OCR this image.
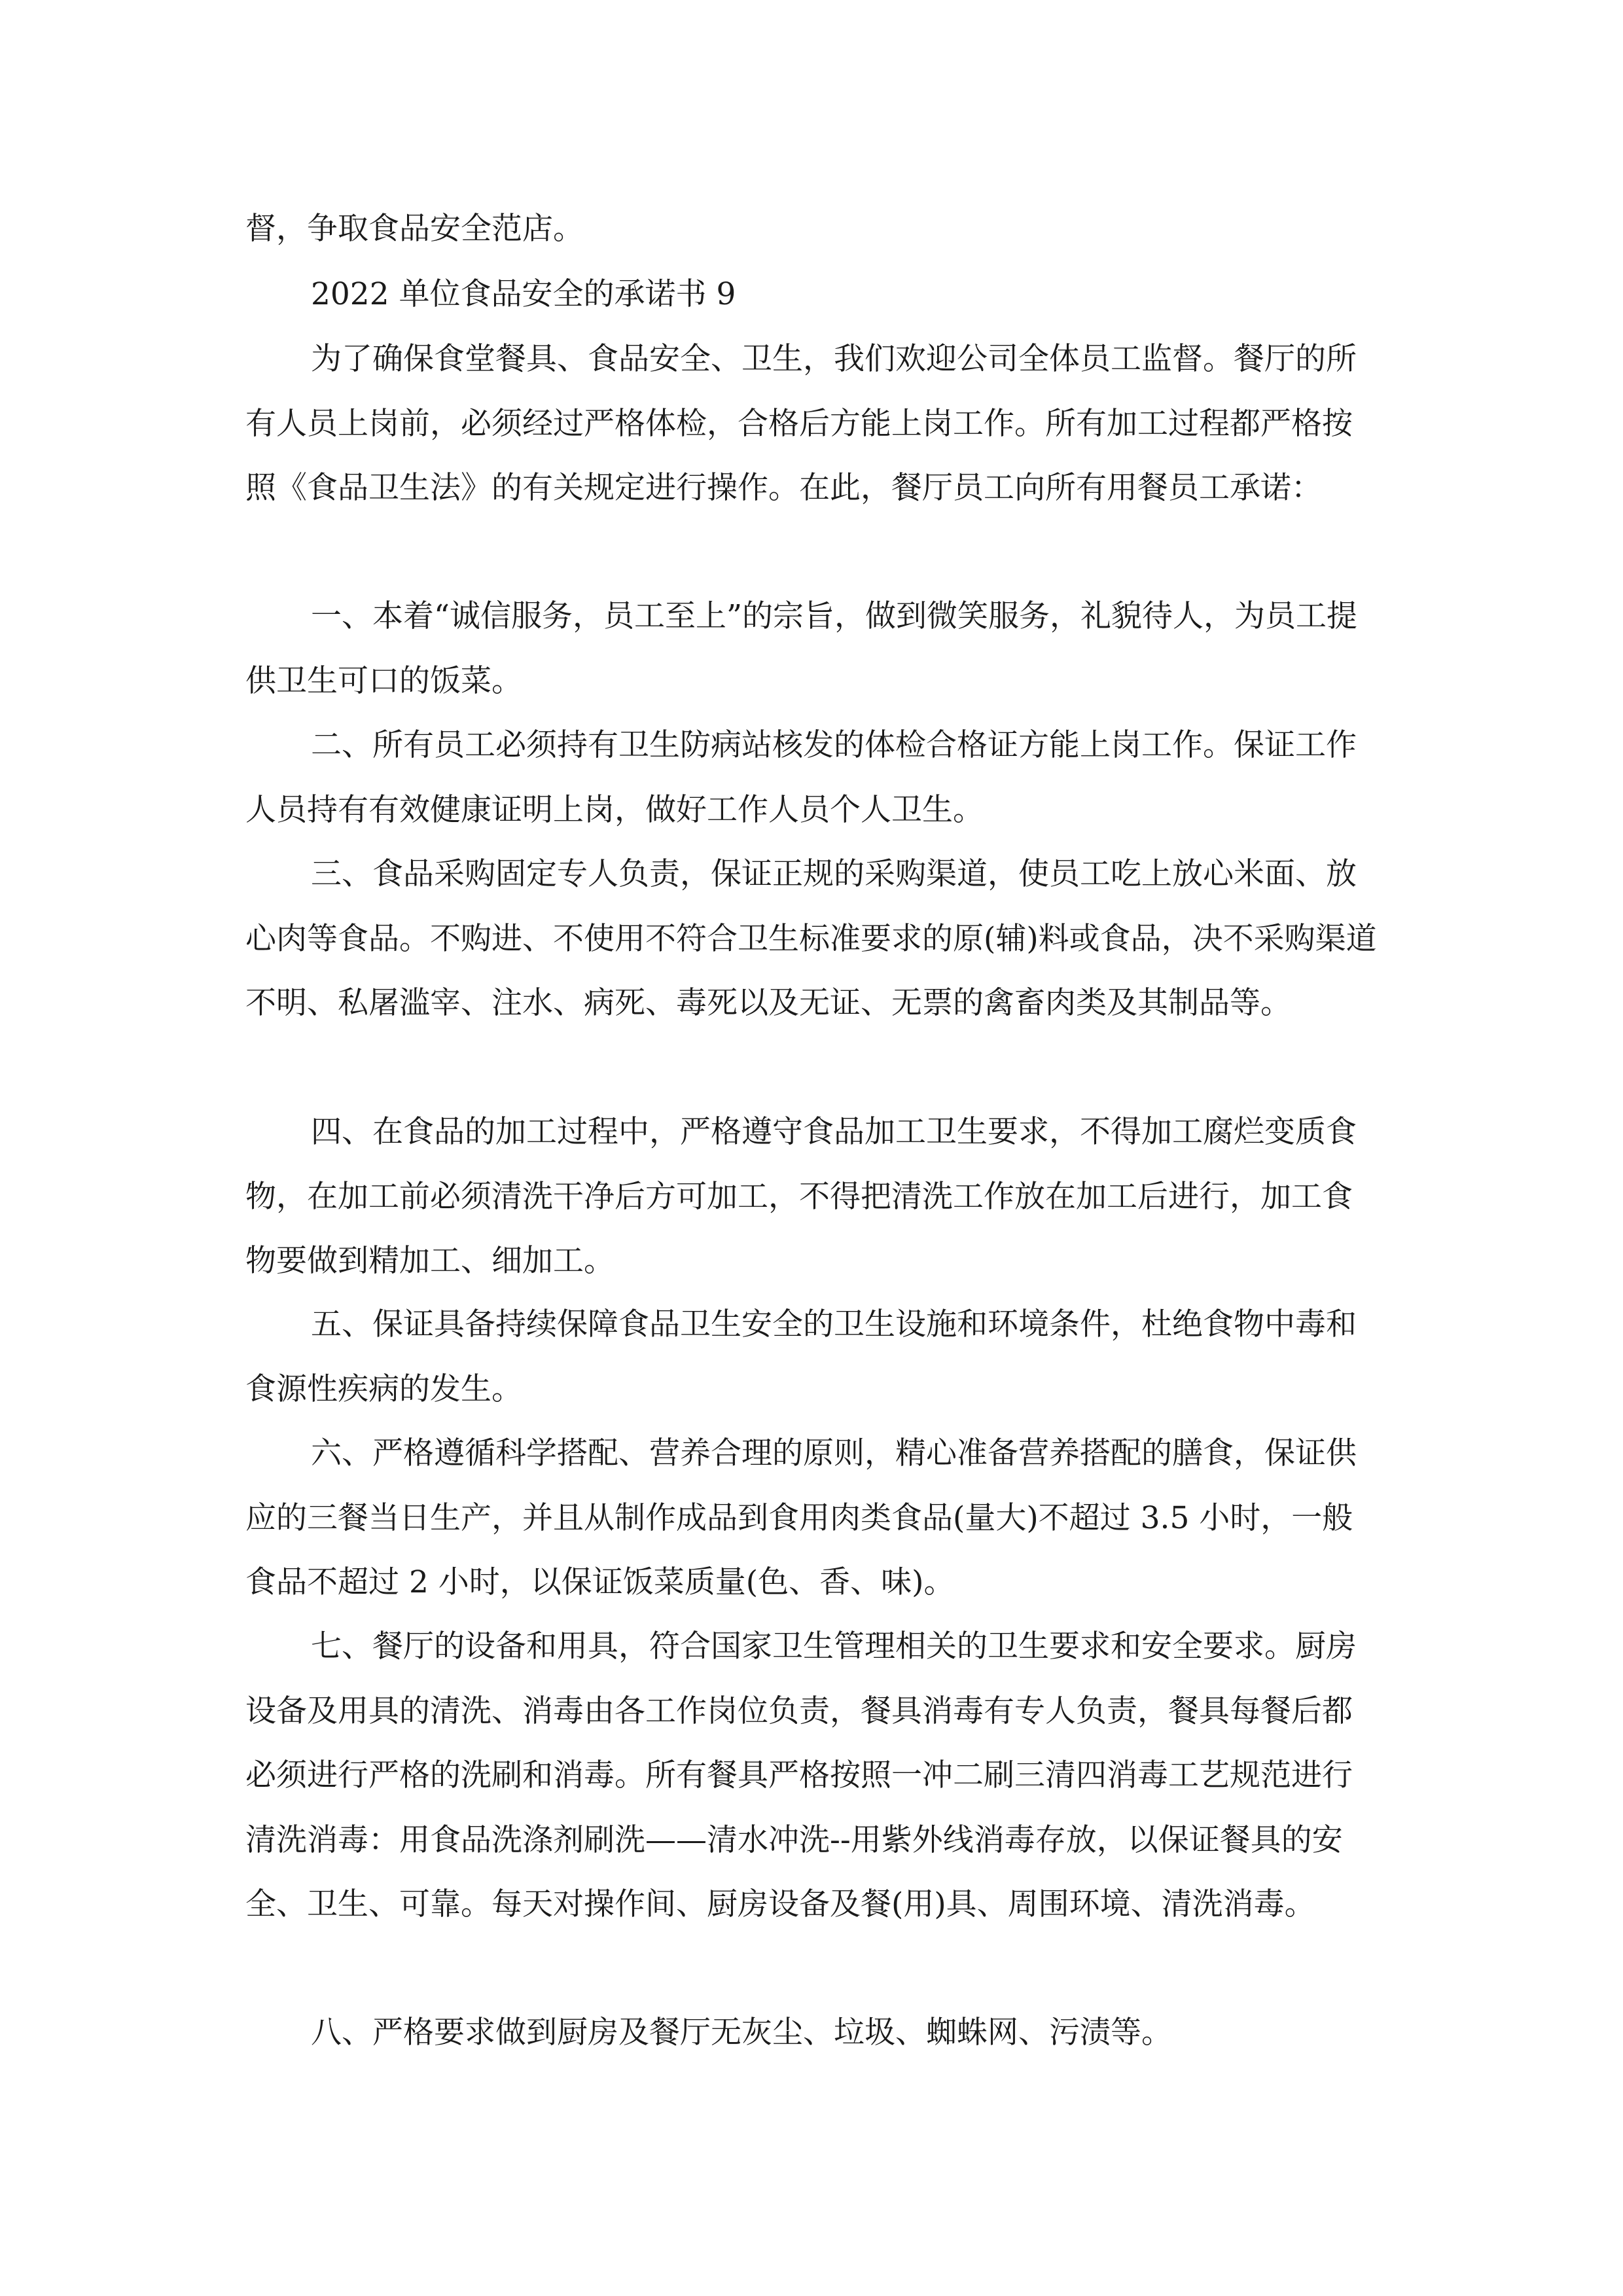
督，争取食品安全范店。

2022 单位食品安全的承诺书 9

为了确保食堂餐具、食品安全、卫生，我们欢迎公司全体员工监督。餐厅的所有人员上岗前，必须经过严格体检，合格后方能上岗工作。所有加工过程都严格按照《食品卫生法》的有关规定进行操作。在此，餐厅员工向所有用餐员工承诺：

一、本着“诚信服务，员工至上”的宗旨，做到微笑服务，礼貌待人，为员工提供卫生可口的饭菜。

二、所有员工必须持有卫生防病站核发的体检合格证方能上岗工作。保证工作人员持有有效健康证明上岗，做好工作人员个人卫生。

三、食品采购固定专人负责，保证正规的采购渠道，使员工吃上放心米面、放心肉等食品。不购进、不使用不符合卫生标准要求的原(辅)料或食品，决不采购渠道不明、私屠滥宰、注水、病死、毒死以及无证、无票的禽畜肉类及其制品等。

四、在食品的加工过程中，严格遵守食品加工卫生要求，不得加工腐烂变质食物，在加工前必须清洗干净后方可加工，不得把清洗工作放在加工后进行，加工食物要做到精加工、细加工。

五、保证具备持续保障食品卫生安全的卫生设施和环境条件，杜绝食物中毒和食源性疾病的发生。

六、严格遵循科学搭配、营养合理的原则，精心准备营养搭配的膳食，保证供应的三餐当日生产，并且从制作成品到食用肉类食品(量大)不超过 3.5 小时，一般食品不超过 2 小时，以保证饭菜质量(色、香、味)。

七、餐厅的设备和用具，符合国家卫生管理相关的卫生要求和安全要求。厨房设备及用具的清洗、消毒由各工作岗位负责，餐具消毒有专人负责，餐具每餐后都必须进行严格的洗刷和消毒。所有餐具严格按照一冲二刷三清四消毒工艺规范进行清洗消毒：用食品洗涤剂刷洗——清水冲洗--用紫外线消毒存放，以保证餐具的安全、卫生、可靠。每天对操作间、厨房设备及餐(用)具、周围环境、清洗消毒。

八、严格要求做到厨房及餐厅无灰尘、垃圾、蜘蛛网、污渍等。
